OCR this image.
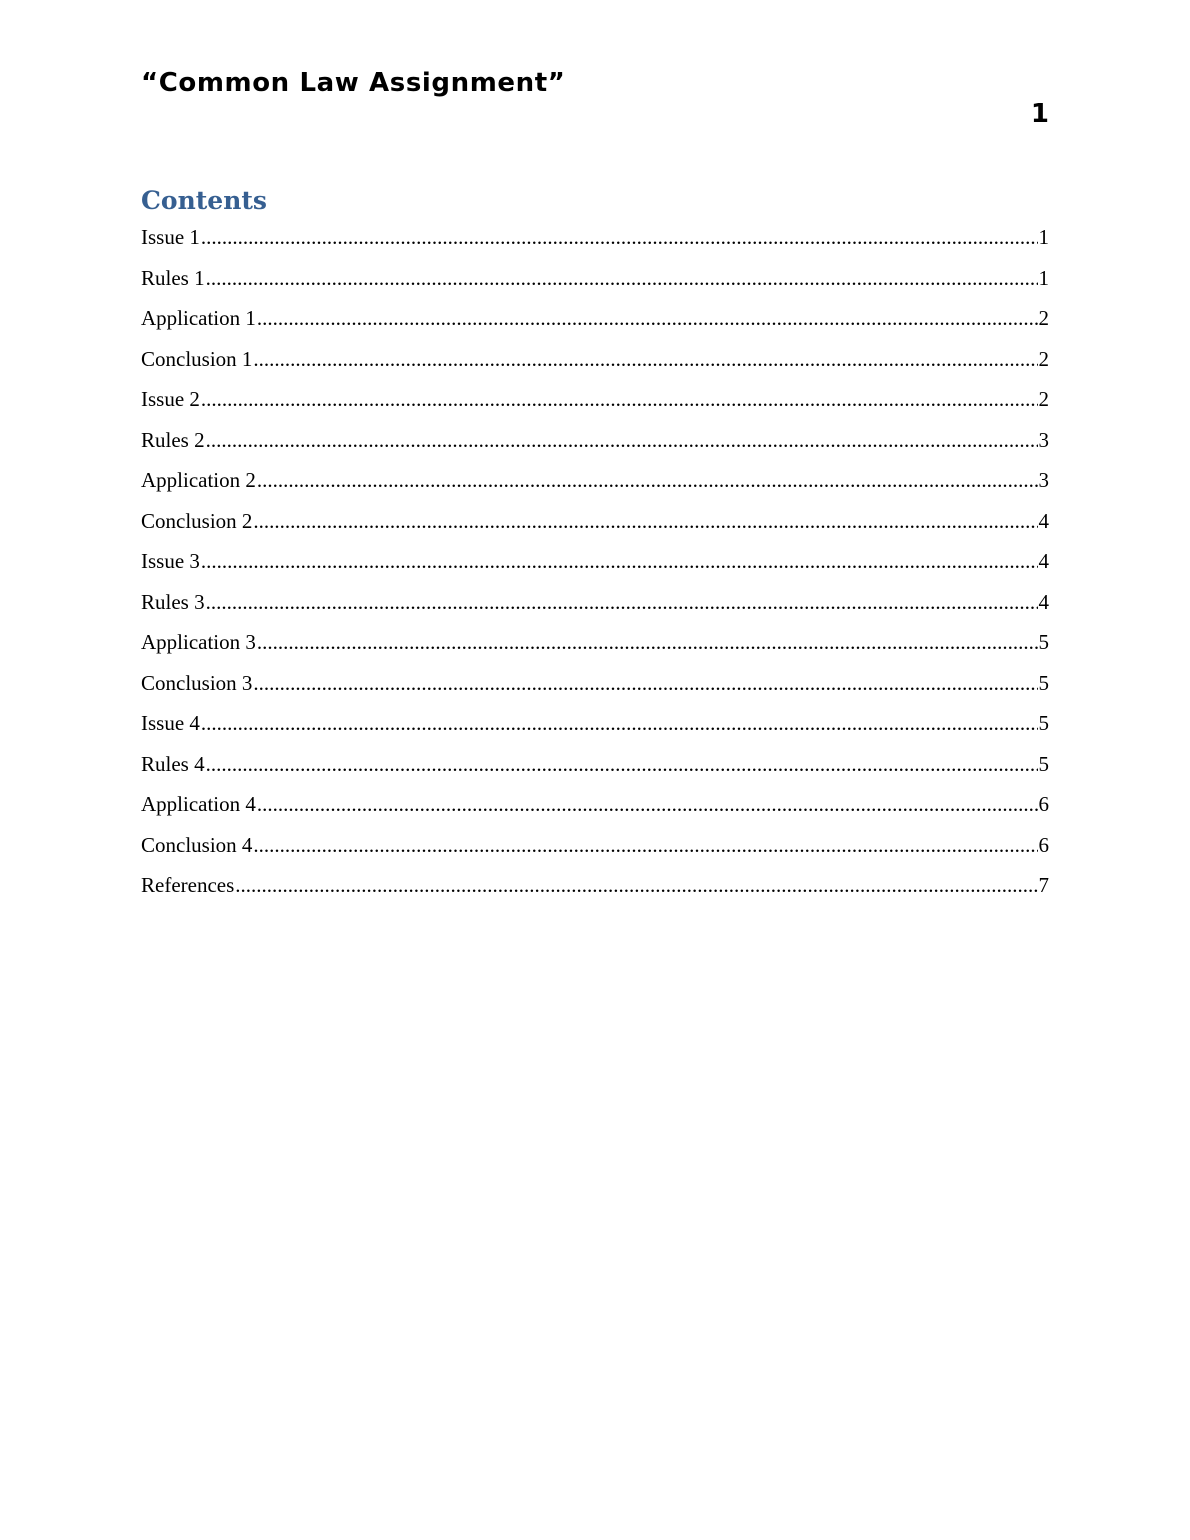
“Common Law Assignment”
1
Contents
Issue 1 .....	1
Rules 1 .....	1
Application 1 .....	2
Conclusion 1 .....	2
Issue 2 .....	2
Rules 2 .....	3
Application 2 .....	3
Conclusion 2 .....	4
Issue 3 .....	4
Rules 3 .....	4
Application 3 .....	5
Conclusion 3 .....	5
Issue 4 .....	5
Rules 4 .....	5
Application 4 .....	6
Conclusion 4 .....	6
References .....	7
